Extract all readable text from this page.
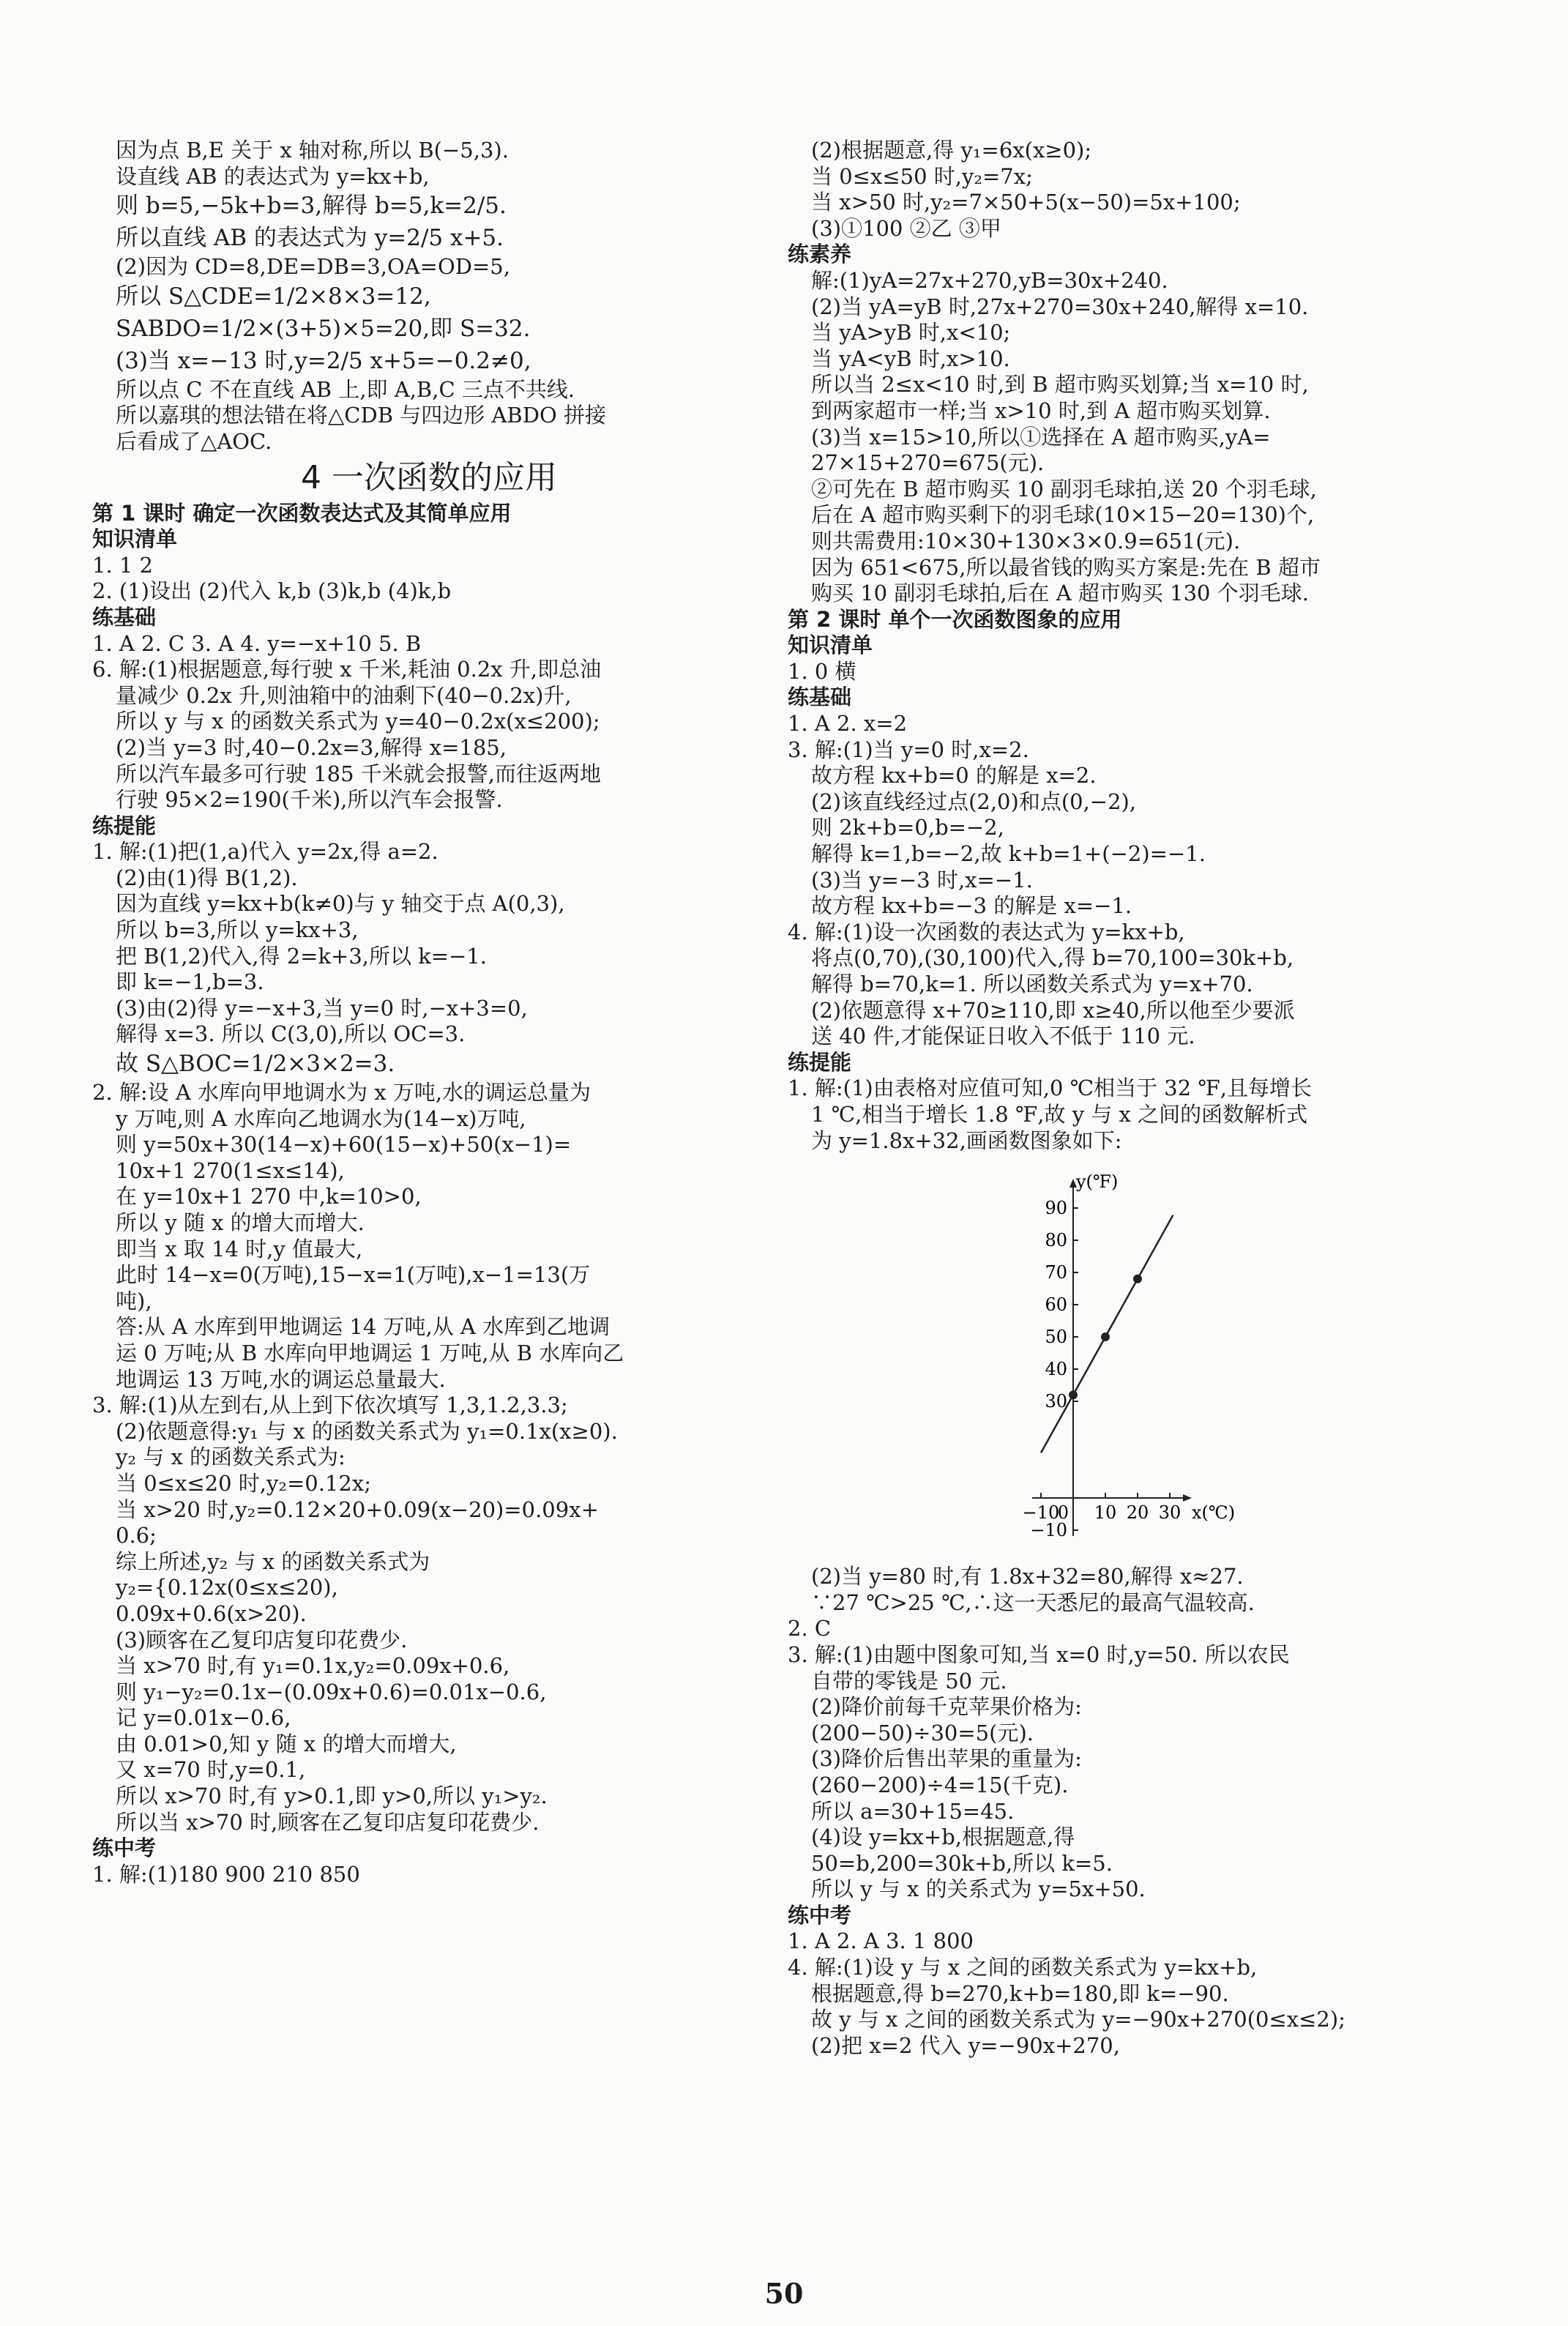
因为点 B,E 关于 x 轴对称,所以 B(−5,3).
设直线 AB 的表达式为 y=kx+b,
则 b=5,−5k+b=3,解得 b=5,k=2/5.
所以直线 AB 的表达式为 y=2/5 x+5.
(2)因为 CD=8,DE=DB=3,OA=OD=5,
所以 S△CDE=1/2×8×3=12,
SABDO=1/2×(3+5)×5=20,即 S=32.
(3)当 x=−13 时,y=2/5 x+5=−0.2≠0,
所以点 C 不在直线 AB 上,即 A,B,C 三点不共线.
所以嘉琪的想法错在将△CDB 与四边形 ABDO 拼接
后看成了△AOC.
4 一次函数的应用
第 1 课时 确定一次函数表达式及其简单应用
知识清单
1. 1 2
2. (1)设出 (2)代入 k,b (3)k,b (4)k,b
练基础
1. A 2. C 3. A 4. y=−x+10 5. B
6. 解:(1)根据题意,每行驶 x 千米,耗油 0.2x 升,即总油
量减少 0.2x 升,则油箱中的油剩下(40−0.2x)升,
所以 y 与 x 的函数关系式为 y=40−0.2x(x≤200);
(2)当 y=3 时,40−0.2x=3,解得 x=185,
所以汽车最多可行驶 185 千米就会报警,而往返两地
行驶 95×2=190(千米),所以汽车会报警.
练提能
1. 解:(1)把(1,a)代入 y=2x,得 a=2.
(2)由(1)得 B(1,2).
因为直线 y=kx+b(k≠0)与 y 轴交于点 A(0,3),
所以 b=3,所以 y=kx+3,
把 B(1,2)代入,得 2=k+3,所以 k=−1.
即 k=−1,b=3.
(3)由(2)得 y=−x+3,当 y=0 时,−x+3=0,
解得 x=3. 所以 C(3,0),所以 OC=3.
故 S△BOC=1/2×3×2=3.
2. 解:设 A 水库向甲地调水为 x 万吨,水的调运总量为
y 万吨,则 A 水库向乙地调水为(14−x)万吨,
则 y=50x+30(14−x)+60(15−x)+50(x−1)=
10x+1 270(1≤x≤14),
在 y=10x+1 270 中,k=10>0,
所以 y 随 x 的增大而增大.
即当 x 取 14 时,y 值最大,
此时 14−x=0(万吨),15−x=1(万吨),x−1=13(万
吨),
答:从 A 水库到甲地调运 14 万吨,从 A 水库到乙地调
运 0 万吨;从 B 水库向甲地调运 1 万吨,从 B 水库向乙
地调运 13 万吨,水的调运总量最大.
3. 解:(1)从左到右,从上到下依次填写 1,3,1.2,3.3;
(2)依题意得:y₁ 与 x 的函数关系式为 y₁=0.1x(x≥0).
y₂ 与 x 的函数关系式为:
当 0≤x≤20 时,y₂=0.12x;
当 x>20 时,y₂=0.12×20+0.09(x−20)=0.09x+
0.6;
综上所述,y₂ 与 x 的函数关系式为
y₂={0.12x(0≤x≤20),
0.09x+0.6(x>20).
(3)顾客在乙复印店复印花费少.
当 x>70 时,有 y₁=0.1x,y₂=0.09x+0.6,
则 y₁−y₂=0.1x−(0.09x+0.6)=0.01x−0.6,
记 y=0.01x−0.6,
由 0.01>0,知 y 随 x 的增大而增大,
又 x=70 时,y=0.1,
所以 x>70 时,有 y>0.1,即 y>0,所以 y₁>y₂.
所以当 x>70 时,顾客在乙复印店复印花费少.
练中考
1. 解:(1)180 900 210 850
(2)根据题意,得 y₁=6x(x≥0);
当 0≤x≤50 时,y₂=7x;
当 x>50 时,y₂=7×50+5(x−50)=5x+100;
(3)①100 ②乙 ③甲
练素养
解:(1)yA=27x+270,yB=30x+240.
(2)当 yA=yB 时,27x+270=30x+240,解得 x=10.
当 yA>yB 时,x<10;
当 yA<yB 时,x>10.
所以当 2≤x<10 时,到 B 超市购买划算;当 x=10 时,
到两家超市一样;当 x>10 时,到 A 超市购买划算.
(3)当 x=15>10,所以①选择在 A 超市购买,yA=
27×15+270=675(元).
②可先在 B 超市购买 10 副羽毛球拍,送 20 个羽毛球,
后在 A 超市购买剩下的羽毛球(10×15−20=130)个,
则共需费用:10×30+130×3×0.9=651(元).
因为 651<675,所以最省钱的购买方案是:先在 B 超市
购买 10 副羽毛球拍,后在 A 超市购买 130 个羽毛球.
第 2 课时 单个一次函数图象的应用
知识清单
1. 0 横
练基础
1. A 2. x=2
3. 解:(1)当 y=0 时,x=2.
故方程 kx+b=0 的解是 x=2.
(2)该直线经过点(2,0)和点(0,−2),
则 2k+b=0,b=−2,
解得 k=1,b=−2,故 k+b=1+(−2)=−1.
(3)当 y=−3 时,x=−1.
故方程 kx+b=−3 的解是 x=−1.
4. 解:(1)设一次函数的表达式为 y=kx+b,
将点(0,70),(30,100)代入,得 b=70,100=30k+b,
解得 b=70,k=1. 所以函数关系式为 y=x+70.
(2)依题意得 x+70≥110,即 x≥40,所以他至少要派
送 40 件,才能保证日收入不低于 110 元.
练提能
1. 解:(1)由表格对应值可知,0 ℃相当于 32 ℉,且每增长
1 ℃,相当于增长 1.8 ℉,故 y 与 x 之间的函数解析式
为 y=1.8x+32,画函数图象如下:
−10 10 20 30
−10
30
40
50
60
70
80
90
0	x(℃)
y(℉)
(2)当 y=80 时,有 1.8x+32=80,解得 x≈27.
∵27 ℃>25 ℃,∴这一天悉尼的最高气温较高.
2. C
3. 解:(1)由题中图象可知,当 x=0 时,y=50. 所以农民
自带的零钱是 50 元.
(2)降价前每千克苹果价格为:
(200−50)÷30=5(元).
(3)降价后售出苹果的重量为:
(260−200)÷4=15(千克).
所以 a=30+15=45.
(4)设 y=kx+b,根据题意,得
50=b,200=30k+b,所以 k=5.
所以 y 与 x 的关系式为 y=5x+50.
练中考
1. A 2. A 3. 1 800
4. 解:(1)设 y 与 x 之间的函数关系式为 y=kx+b,
根据题意,得 b=270,k+b=180,即 k=−90.
故 y 与 x 之间的函数关系式为 y=−90x+270(0≤x≤2);
(2)把 x=2 代入 y=−90x+270,
50
